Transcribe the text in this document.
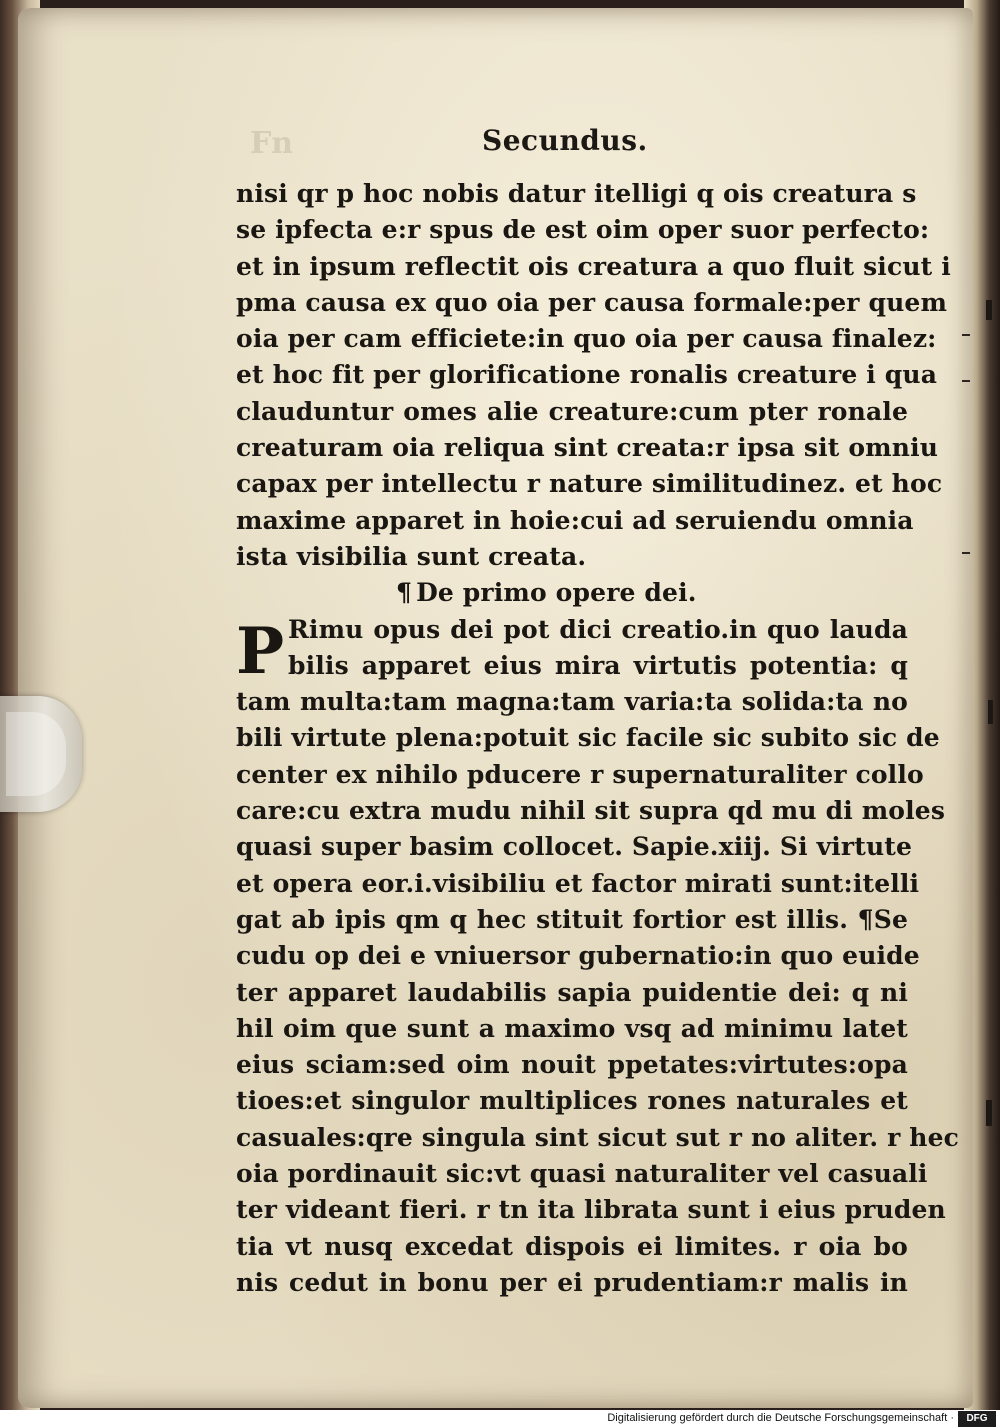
Fn	Secundus.
nisi qr p hoc nobis datur itelligi q ois creatura s
se ipfecta e:r spus de est oim oper suor perfecto:
et in ipsum reflectit ois creatura a quo fluit sicut i
pma causa ex quo oia per causa formale:per quem
oia per cam efficiete:in quo oia per causa finalez:
et hoc fit per glorificatione ronalis creature i qua
clauduntur omes alie creature:cum pter ronale
creaturam oia reliqua sint creata:r ipsa sit omniu
capax per intellectu r nature similitudinez. et hoc
maxime apparet in hoie:cui ad seruiendu omnia
ista visibilia sunt creata.
¶ De primo opere dei.
P Rimu opus dei pot dici creatio.in quo lauda
bilis apparet eius mira virtutis potentia: q
tam multa:tam magna:tam varia:ta solida:ta no
bili virtute plena:potuit sic facile sic subito sic de
center ex nihilo pducere r supernaturaliter collo
care:cu extra mudu nihil sit supra qd mu di moles
quasi super basim collocet. Sapie.xiij. Si virtute
et opera eor.i.visibiliu et factor mirati sunt:itelli
gat ab ipis qm q hec stituit fortior est illis. ¶Se
cudu op dei e vniuersor gubernatio:in quo euide
ter apparet laudabilis sapia puidentie dei: q ni
hil oim que sunt a maximo vsq ad minimu latet
eius sciam:sed oim nouit ppetates:virtutes:opa
tioes:et singulor multiplices rones naturales et
casuales:qre singula sint sicut sut r no aliter. r hec
oia pordinauit sic:vt quasi naturaliter vel casuali
ter videant fieri. r tn ita librata sunt i eius pruden
tia vt nusq excedat dispois ei limites. r oia bo
nis cedut in bonu per ei prudentiam:r malis in
Digitalisierung gefördert durch die Deutsche Forschungsgemeinschaft ·	DFG
